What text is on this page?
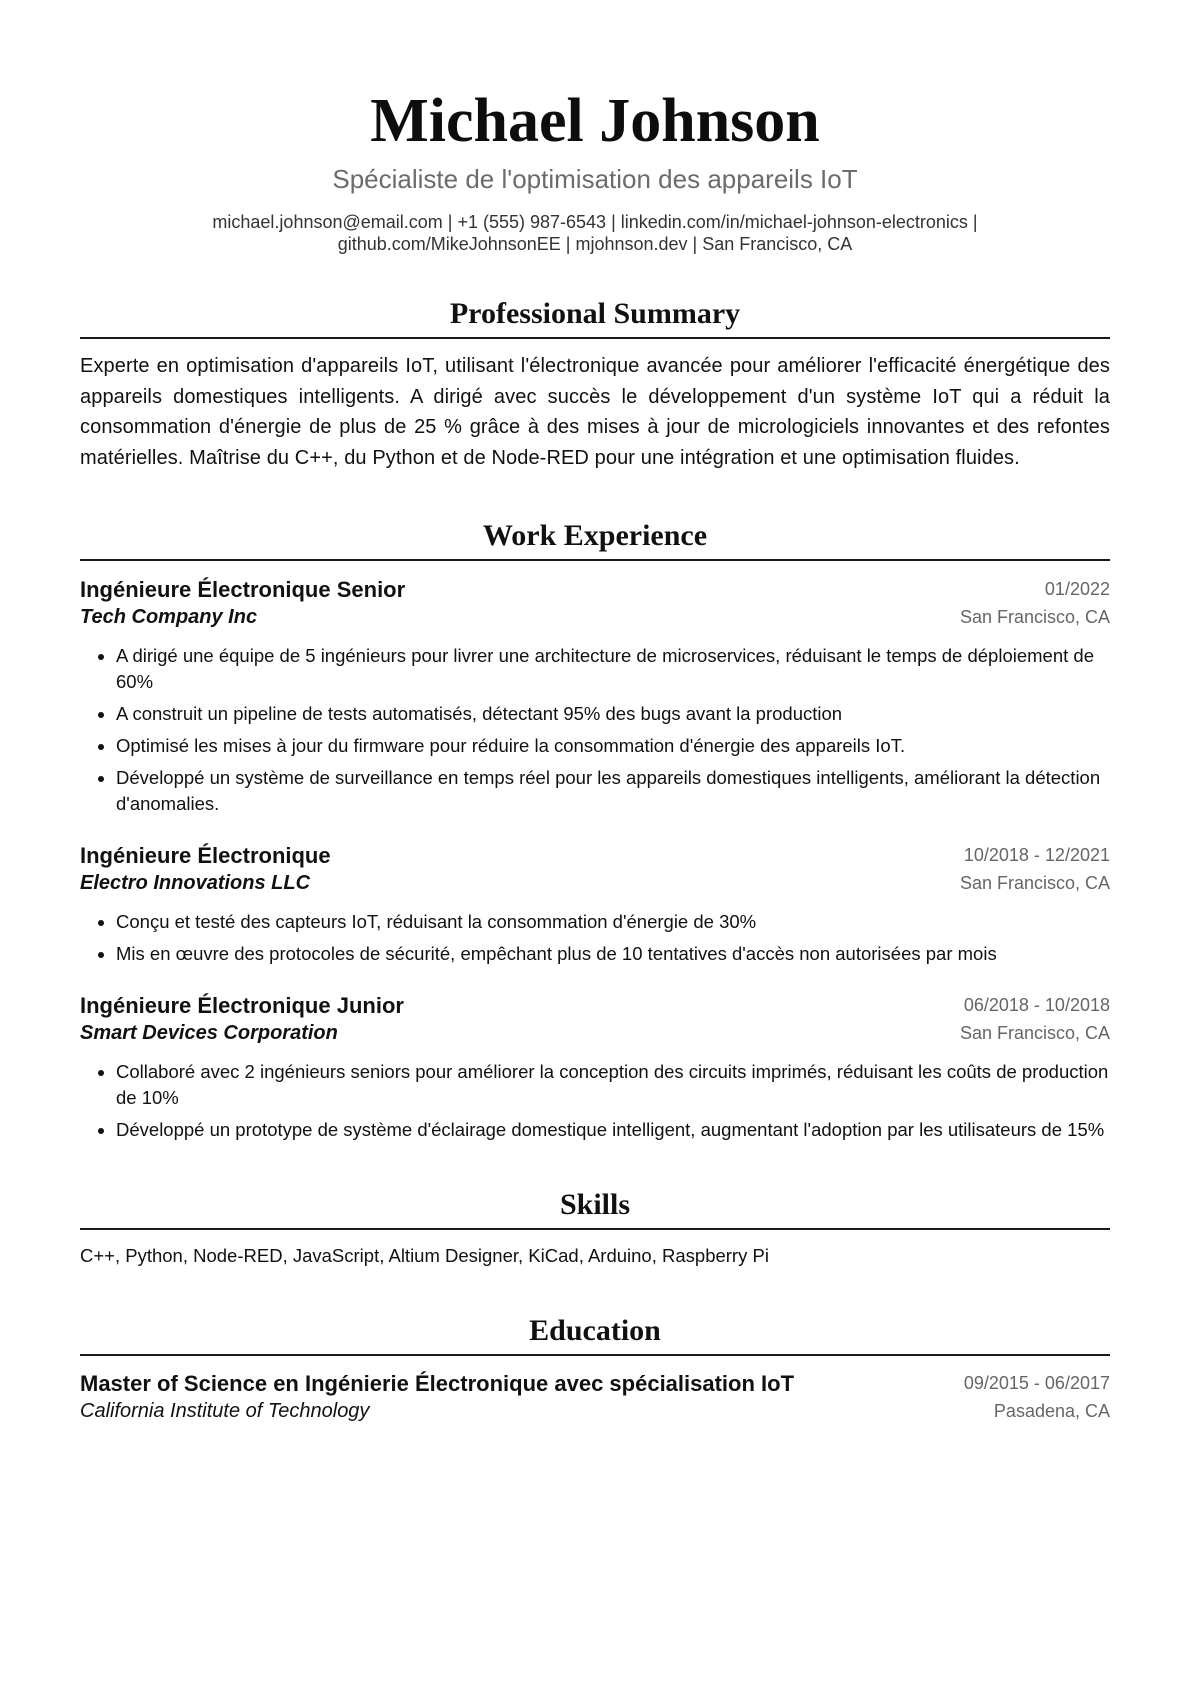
Michael Johnson
Spécialiste de l'optimisation des appareils IoT
michael.johnson@email.com | +1 (555) 987-6543 | linkedin.com/in/michael-johnson-electronics | github.com/MikeJohnsonEE | mjohnson.dev | San Francisco, CA
Professional Summary

Experte en optimisation d'appareils IoT, utilisant l'électronique avancée pour améliorer l'efficacité énergétique des appareils domestiques intelligents. A dirigé avec succès le développement d'un système IoT qui a réduit la consommation d'énergie de plus de 25 % grâce à des mises à jour de micrologiciels innovantes et des refontes matérielles. Maîtrise du C++, du Python et de Node-RED pour une intégration et une optimisation fluides.

Work Experience
Ingénieure Électronique Senior	01/2022
Tech Company Inc	San Francisco, CA
• A dirigé une équipe de 5 ingénieurs pour livrer une architecture de microservices, réduisant le temps de déploiement de 60%
• A construit un pipeline de tests automatisés, détectant 95% des bugs avant la production
• Optimisé les mises à jour du firmware pour réduire la consommation d'énergie des appareils IoT.
• Développé un système de surveillance en temps réel pour les appareils domestiques intelligents, améliorant la détection d'anomalies.
Ingénieure Électronique	10/2018 - 12/2021
Electro Innovations LLC	San Francisco, CA
• Conçu et testé des capteurs IoT, réduisant la consommation d'énergie de 30%
• Mis en œuvre des protocoles de sécurité, empêchant plus de 10 tentatives d'accès non autorisées par mois
Ingénieure Électronique Junior	06/2018 - 10/2018
Smart Devices Corporation	San Francisco, CA
• Collaboré avec 2 ingénieurs seniors pour améliorer la conception des circuits imprimés, réduisant les coûts de production de 10%
• Développé un prototype de système d'éclairage domestique intelligent, augmentant l'adoption par les utilisateurs de 15%
Skills
C++, Python, Node-RED, JavaScript, Altium Designer, KiCad, Arduino, Raspberry Pi
Education
Master of Science en Ingénierie Électronique avec spécialisation IoT	09/2015 - 06/2017
California Institute of Technology	Pasadena, CA
